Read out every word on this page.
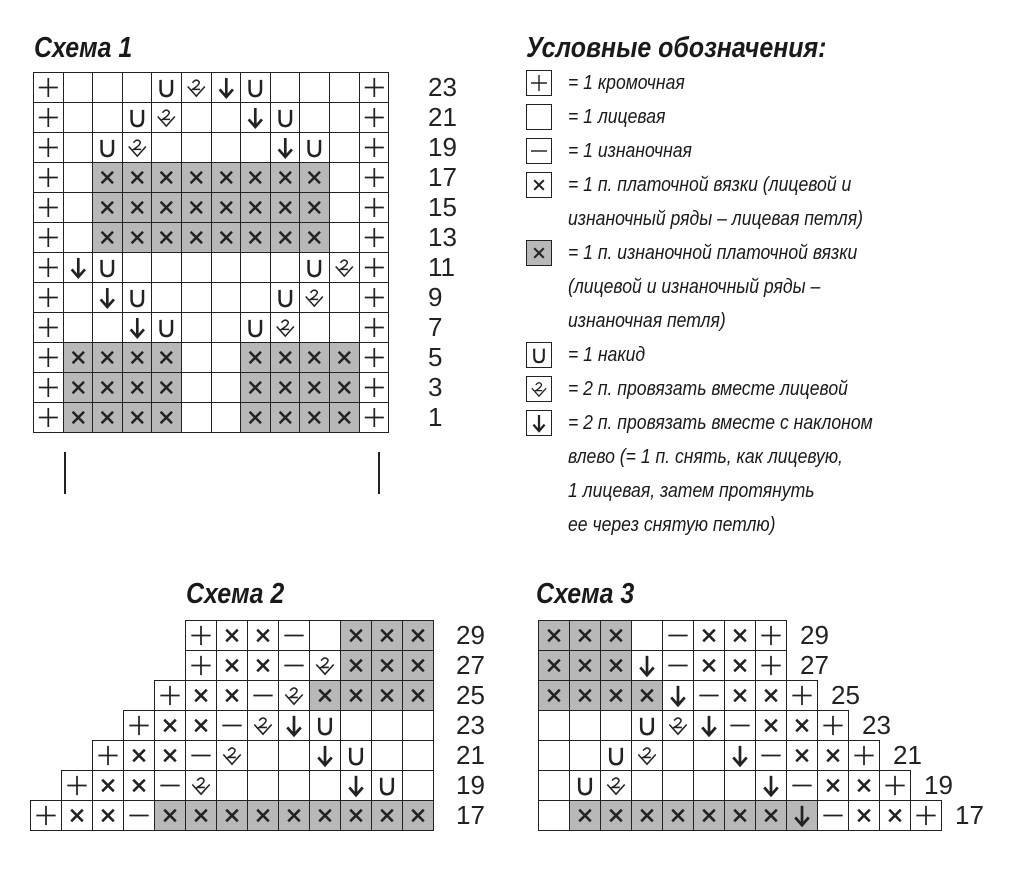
Схема 1	Условные обозначения:
Схема 2	Схема 3
23
21
19
17
15
13
11
9
7
5
3
1
29
27
25
23
21
19
17
29
27
25
23
21
19
17
= 1 кромочная
= 1 лицевая
= 1 изнаночная
= 1 п. платочной вязки (лицевой и
изнаночный ряды – лицевая петля)
= 1 п. изнаночной платочной вязки
(лицевой и изнаночный ряды –
изнаночная петля)
= 1 накид
= 2 п. провязать вместе лицевой
= 2 п. провязать вместе с наклоном
влево (= 1 п. снять, как лицевую,
1 лицевая, затем протянуть
ее через снятую петлю)
